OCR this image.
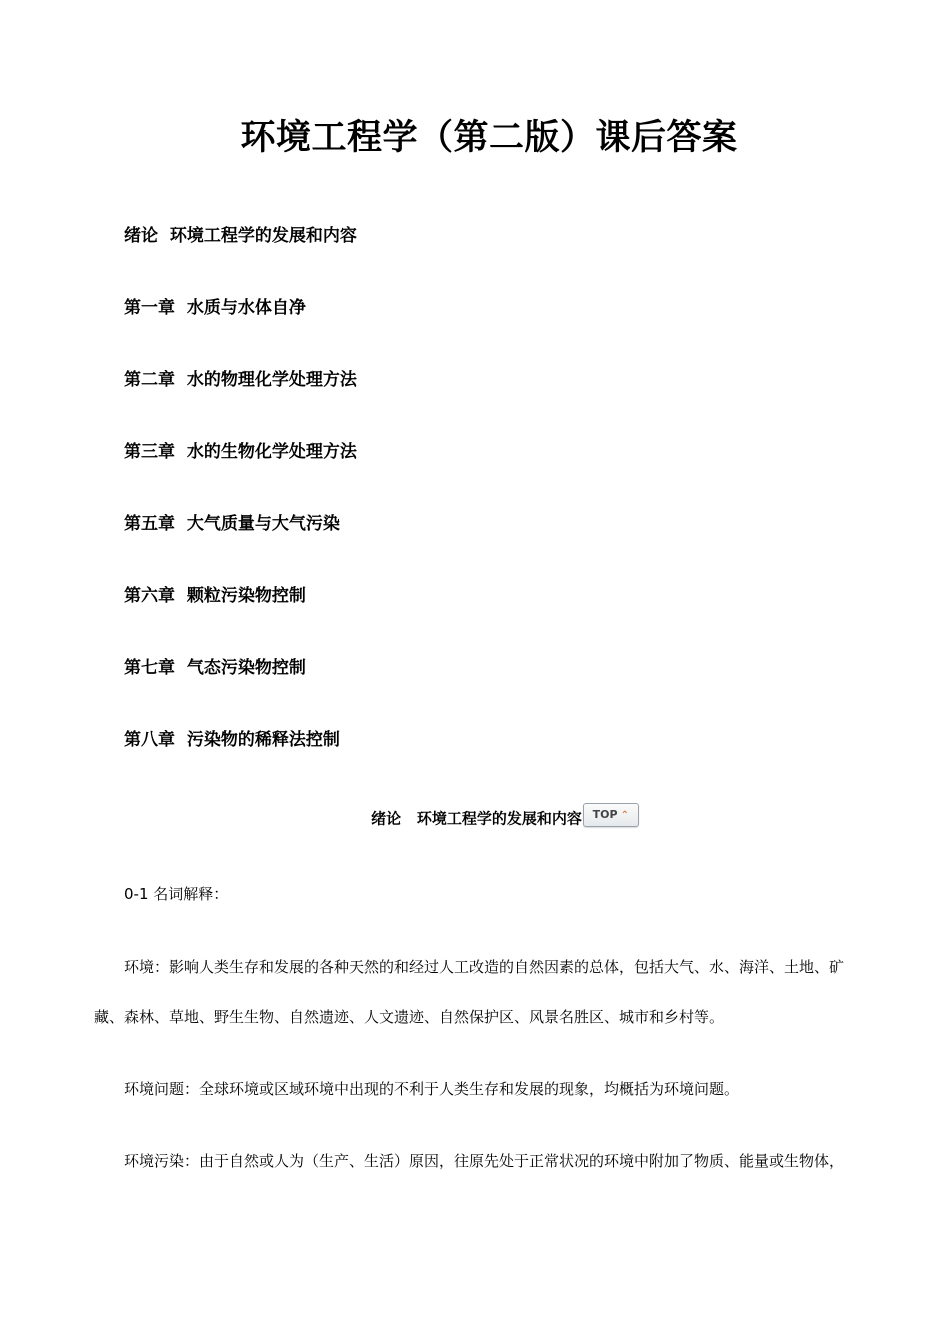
环境工程学（第二版）课后答案
绪论  环境工程学的发展和内容
第一章  水质与水体自净
第二章  水的物理化学处理方法
第三章  水的生物化学处理方法
第五章  大气质量与大气污染
第六章  颗粒污染物控制
第七章  气态污染物控制
第八章  污染物的稀释法控制
绪论   环境工程学的发展和内容 TOP ⌃

0-1 名词解释：

环境：影响人类生存和发展的各种天然的和经过人工改造的自然因素的总体，包括大气、水、海洋、土地、矿

藏、森林、草地、野生生物、自然遗迹、人文遗迹、自然保护区、风景名胜区、城市和乡村等。

环境问题：全球环境或区域环境中出现的不利于人类生存和发展的现象，均概括为环境问题。

环境污染：由于自然或人为（生产、生活）原因，往原先处于正常状况的环境中附加了物质、能量或生物体，
